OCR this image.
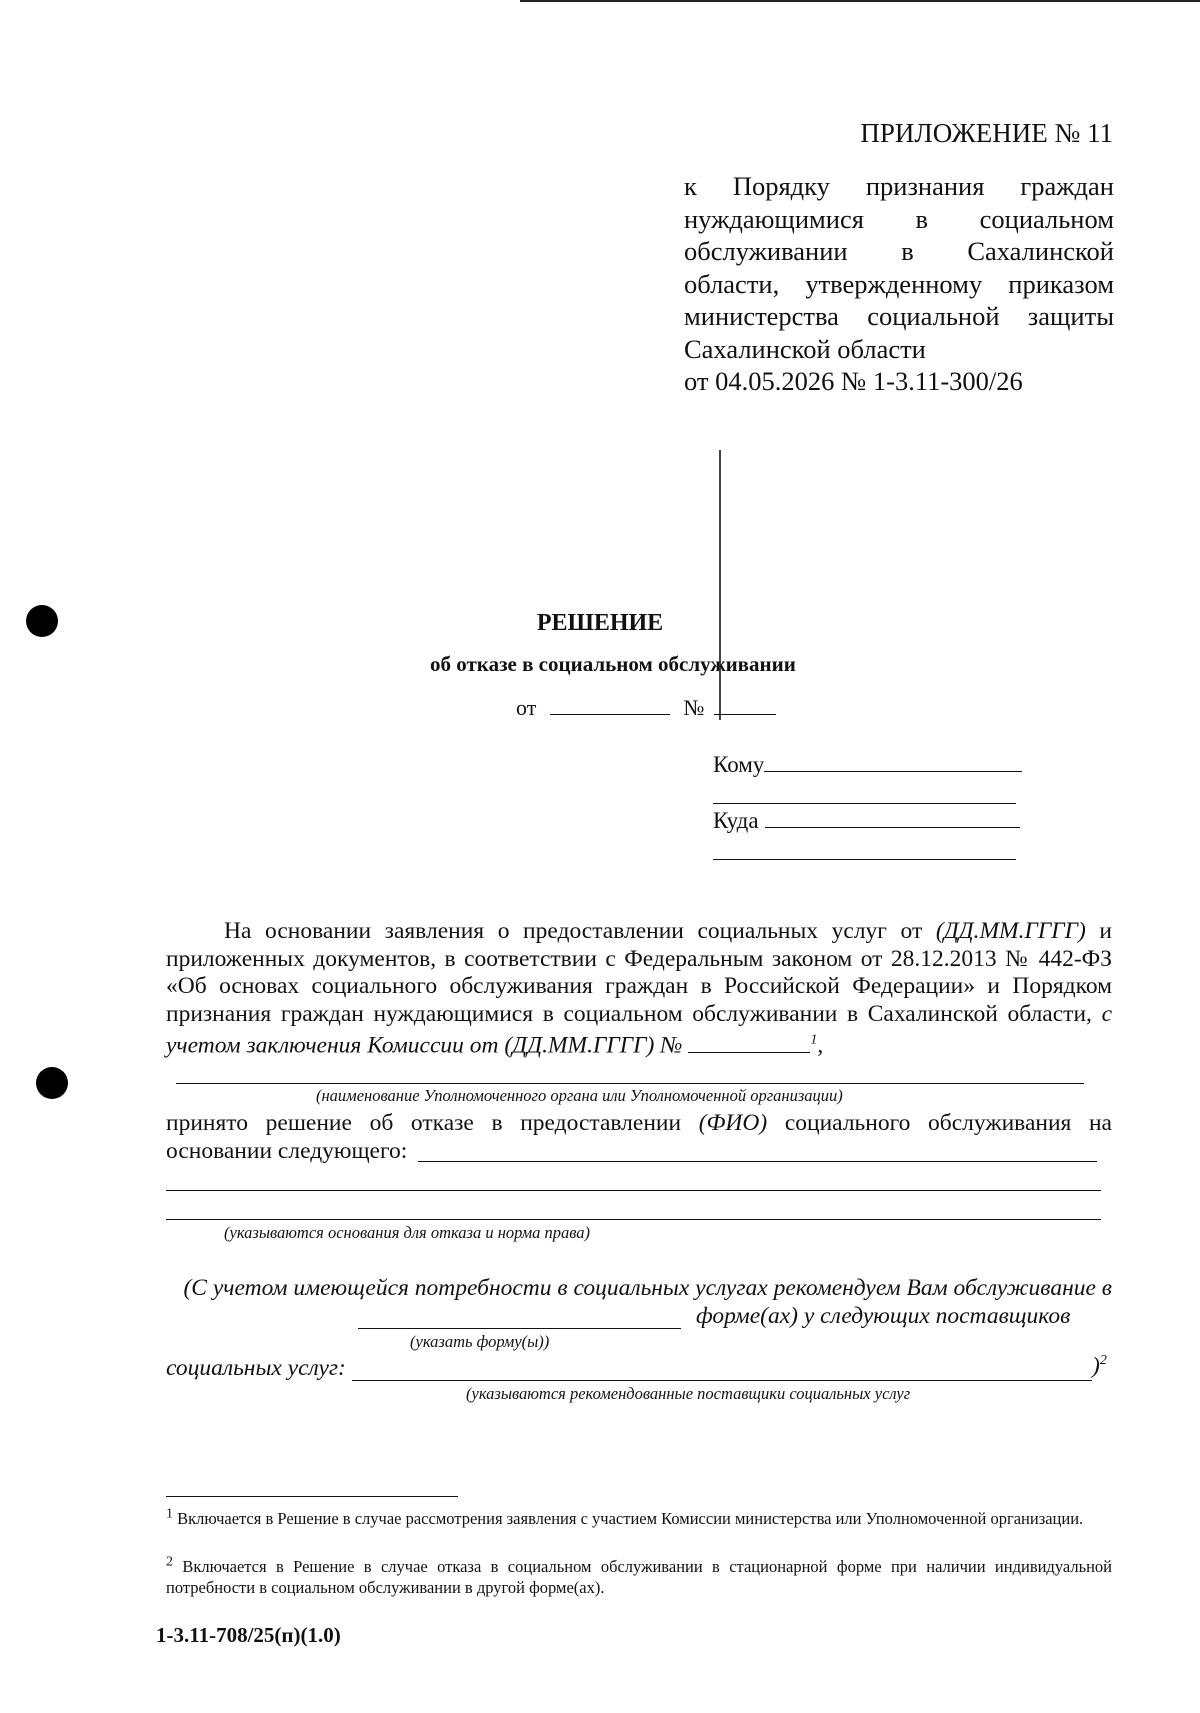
ПРИЛОЖЕНИЕ № 11
к Порядку признания граждан
нуждающимися в социальном
обслуживании в Сахалинской
области, утвержденному приказом
министерства социальной защиты
Сахалинской области
от 04.05.2026 № 1-3.11-300/26
РЕШЕНИЕ
об отказе в социальном обслуживании
от	№
Кому
Куда
На основании заявления о предоставлении социальных услуг от (ДД.ММ.ГГГГ) и приложенных документов, в соответствии с Федеральным законом от 28.12.2013 № 442-ФЗ «Об основах социального обслуживания граждан в Российской Федерации» и Порядком признания граждан нуждающимися в социальном обслуживании в Сахалинской области, с учетом заключения Комиссии от (ДД.ММ.ГГГГ) №	$^1$,
(наименование Уполномоченного органа или Уполномоченной организации)
принято решение об отказе в предоставлении (ФИО) социального обслуживания на основании следующего:
(указываются основания для отказа и норма права)
(С учетом имеющейся потребности в социальных услугах рекомендуем Вам обслуживание в
форме(ах) у следующих поставщиков
(указать форму(ы))
социальных услуг:	)$^2$
(указываются рекомендованные поставщики социальных услуг
$^1$ Включается в Решение в случае рассмотрения заявления с участием Комиссии министерства или Уполномоченной организации.
$^2$ Включается в Решение в случае отказа в социальном обслуживании в стационарной форме при наличии индивидуальной потребности в социальном обслуживании в другой форме(ах).
1-3.11-708/25(п)(1.0)
